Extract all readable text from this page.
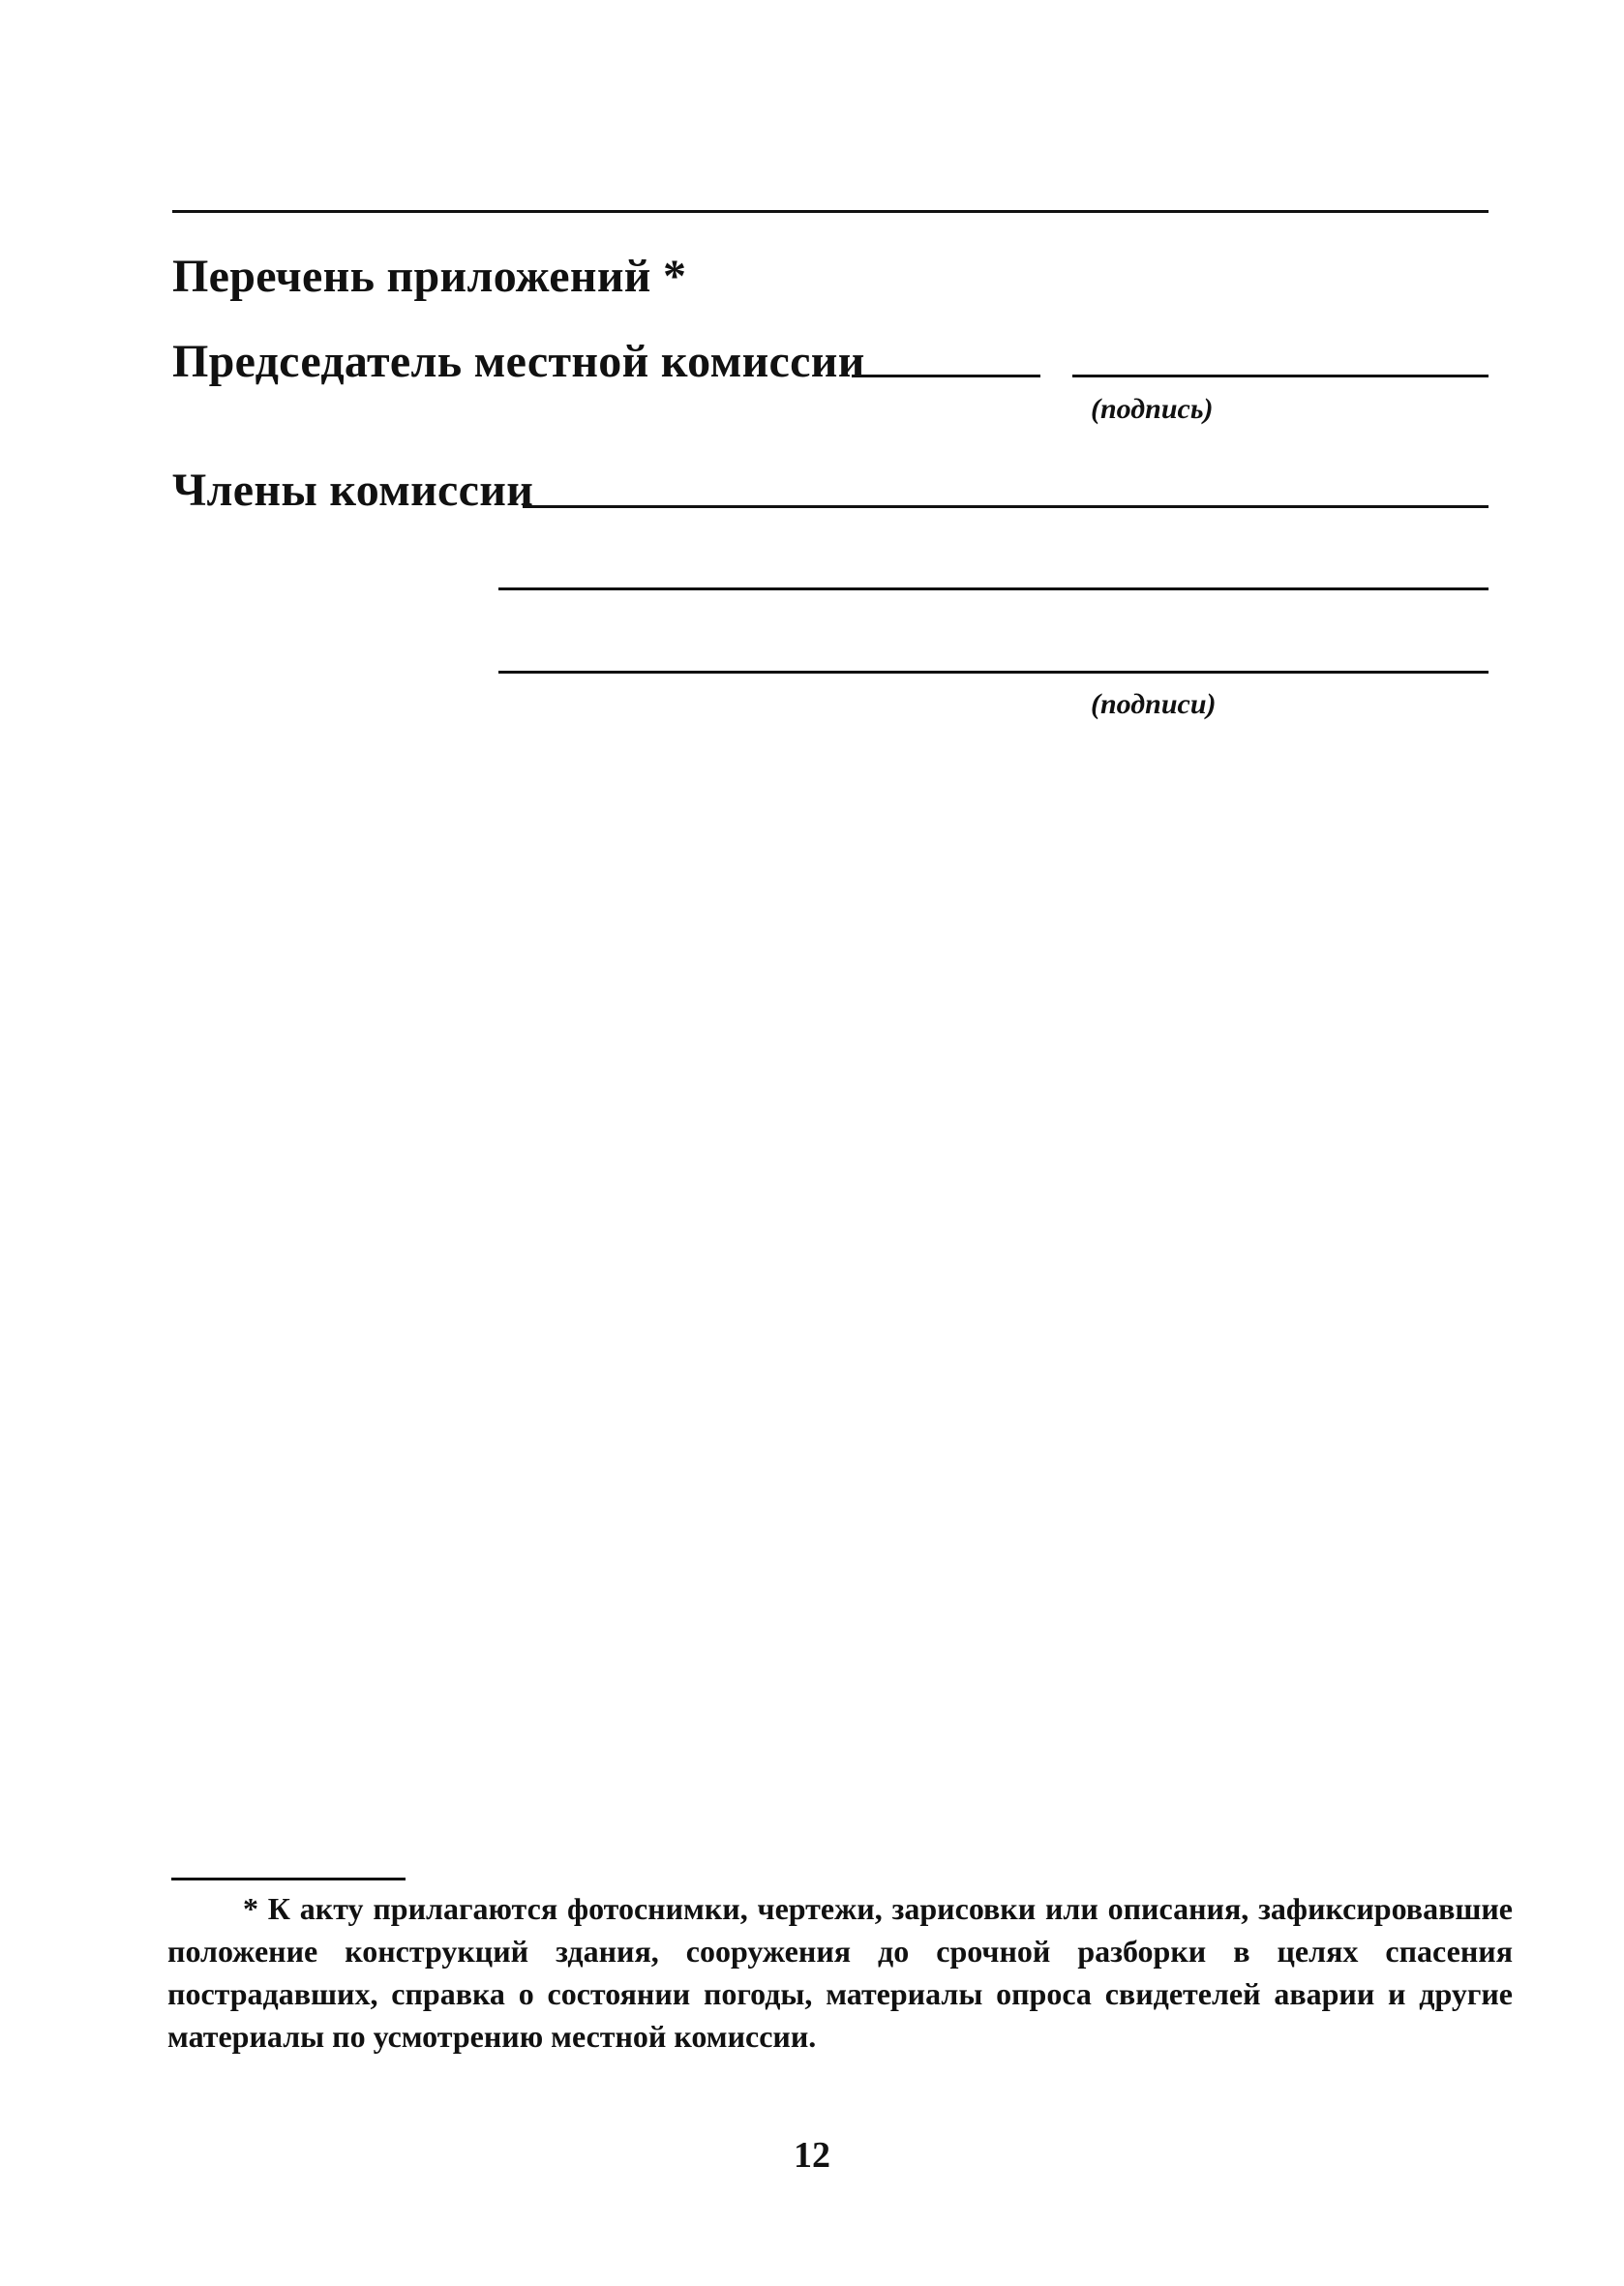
Перечень приложений *
Председатель местной комиссии
(подпись)
Члены комиссии
(подписи)
* К акту прилагаются фотоснимки, чертежи, зарисовки или описания, зафиксировавшие положение конструкций здания, сооружения до срочной разборки в целях спасения пострадавших, справка о состоянии погоды, материалы опроса свидетелей аварии и другие материалы по усмотрению местной комиссии.
12
